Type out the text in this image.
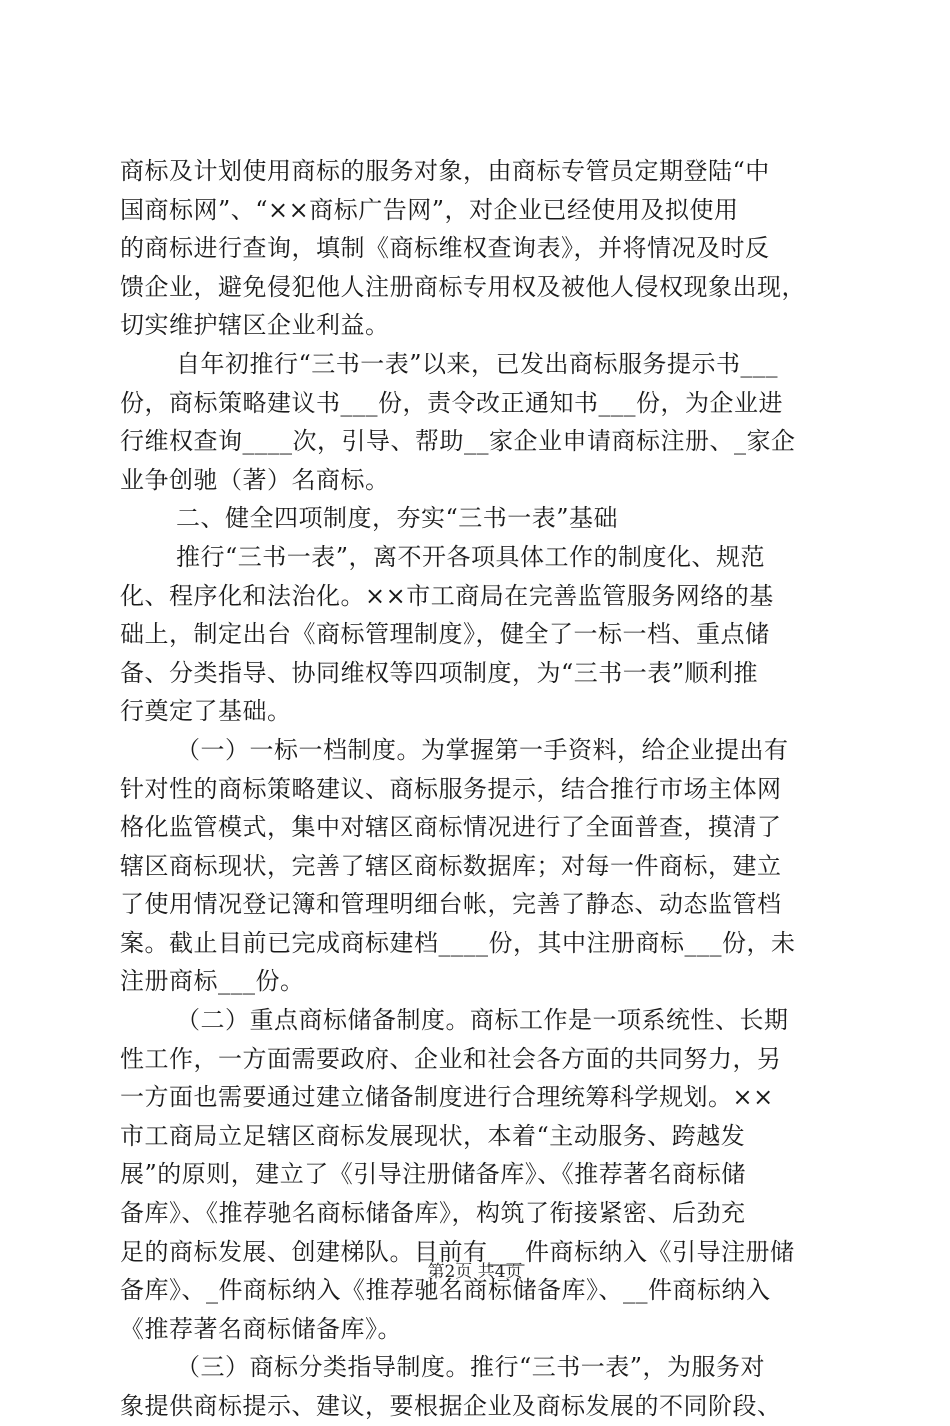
商标及计划使用商标的服务对象，由商标专管员定期登陆“中
国商标网”、“××商标广告网”，对企业已经使用及拟使用
的商标进行查询，填制《商标维权查询表》，并将情况及时反
馈企业，避免侵犯他人注册商标专用权及被他人侵权现象出现，
切实维护辖区企业利益。
自年初推行“三书一表”以来，已发出商标服务提示书___
份，商标策略建议书___份，责令改正通知书___份，为企业进
行维权查询____次，引导、帮助__家企业申请商标注册、_家企
业争创驰（著）名商标。
二、健全四项制度，夯实“三书一表”基础
推行“三书一表”，离不开各项具体工作的制度化、规范
化、程序化和法治化。××市工商局在完善监管服务网络的基
础上，制定出台《商标管理制度》，健全了一标一档、重点储
备、分类指导、协同维权等四项制度，为“三书一表”顺利推
行奠定了基础。
（一）一标一档制度。为掌握第一手资料，给企业提出有
针对性的商标策略建议、商标服务提示，结合推行市场主体网
格化监管模式，集中对辖区商标情况进行了全面普查，摸清了
辖区商标现状，完善了辖区商标数据库；对每一件商标，建立
了使用情况登记簿和管理明细台帐，完善了静态、动态监管档
案。截止目前已完成商标建档____份，其中注册商标___份，未
注册商标___份。
（二）重点商标储备制度。商标工作是一项系统性、长期
性工作，一方面需要政府、企业和社会各方面的共同努力，另
一方面也需要通过建立储备制度进行合理统筹科学规划。××
市工商局立足辖区商标发展现状，本着“主动服务、跨越发
展”的原则，建立了《引导注册储备库》、《推荐著名商标储
备库》、《推荐驰名商标储备库》，构筑了衔接紧密、后劲充
足的商标发展、创建梯队。目前有___件商标纳入《引导注册储
备库》、_件商标纳入《推荐驰名商标储备库》、__件商标纳入
《推荐著名商标储备库》。
（三）商标分类指导制度。推行“三书一表”，为服务对
象提供商标提示、建议，要根据企业及商标发展的不同阶段、
第2页 共4页
